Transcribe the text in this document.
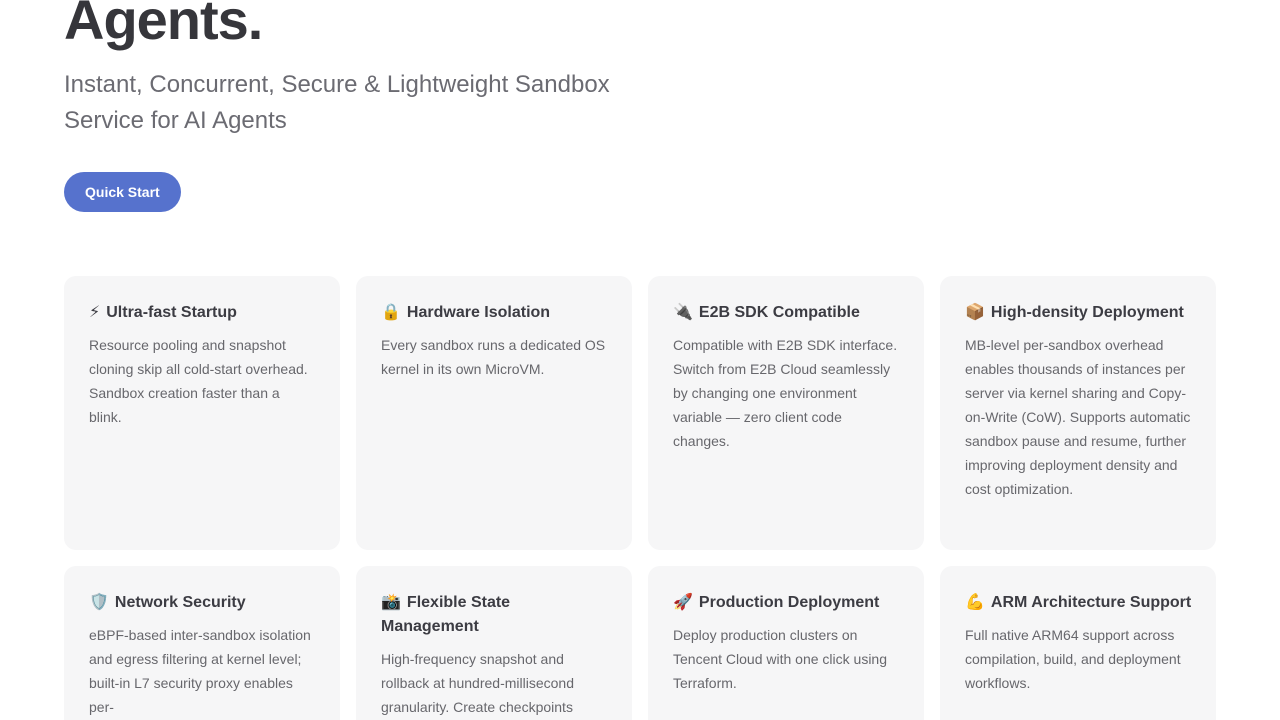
Agents.

Instant, Concurrent, Secure & Lightweight Sandbox Service for AI Agents

Quick Start
⚡ Ultra-fast Startup

Resource pooling and snapshot cloning skip all cold-start overhead. Sandbox creation faster than a blink.

🔒 Hardware Isolation

Every sandbox runs a dedicated OS kernel in its own MicroVM.

🔌 E2B SDK Compatible

Compatible with E2B SDK interface. Switch from E2B Cloud seamlessly by changing one environment variable — zero client code changes.

📦 High-density Deployment

MB-level per-sandbox overhead enables thousands of instances per server via kernel sharing and Copy-on-Write (CoW). Supports automatic sandbox pause and resume, further improving deployment density and cost optimization.

🛡️ Network Security

eBPF-based inter-sandbox isolation and egress filtering at kernel level; built-in L7 security proxy enables per-

📸 Flexible State Management

High-frequency snapshot and rollback at hundred-millisecond granularity. Create checkpoints

🚀 Production Deployment

Deploy production clusters on Tencent Cloud with one click using Terraform.

💪 ARM Architecture Support

Full native ARM64 support across compilation, build, and deployment workflows.
